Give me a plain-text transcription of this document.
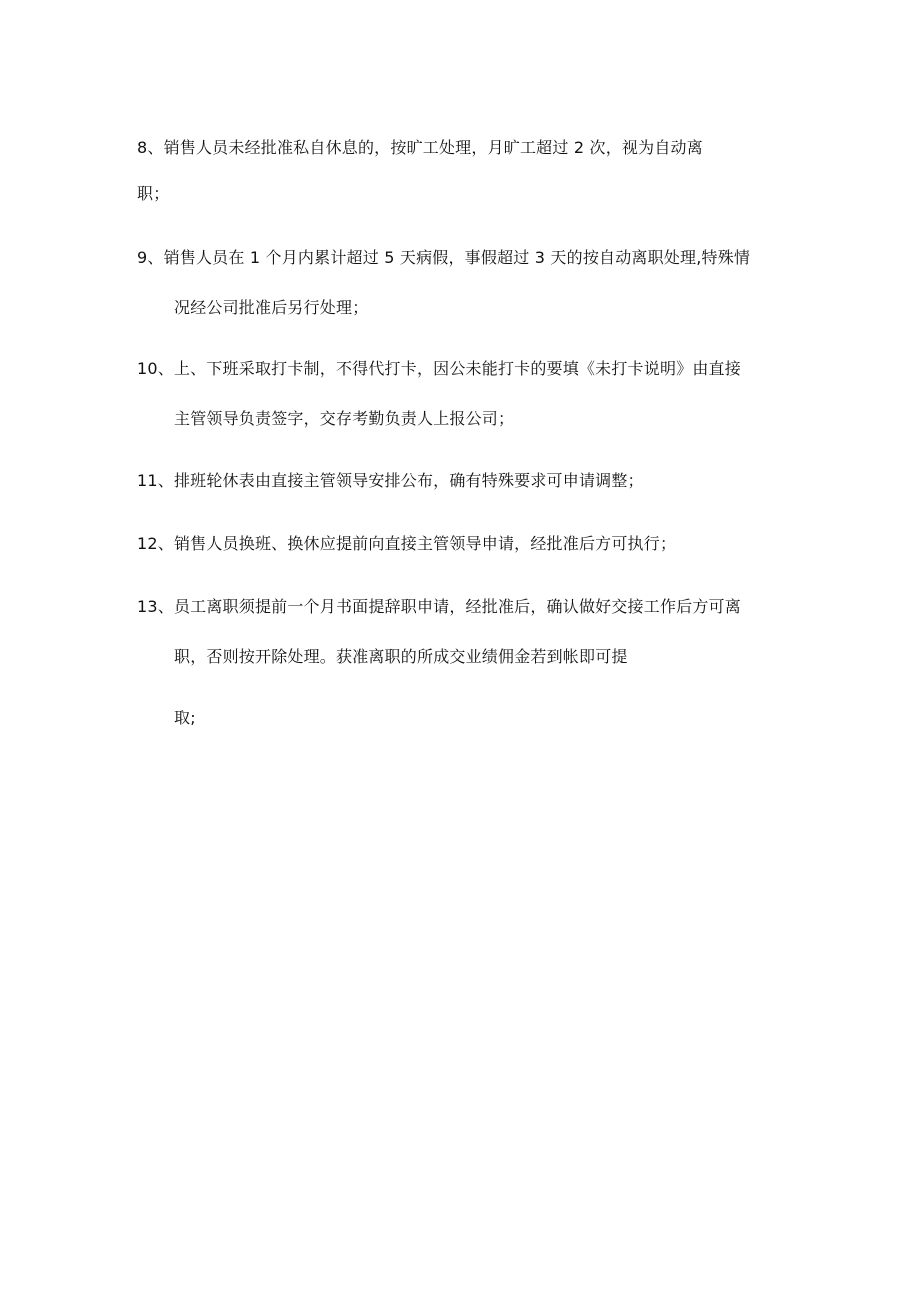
8、销售人员未经批准私自休息的，按旷工处理，月旷工超过 2 次，视为自动离
职；
9、销售人员在 1 个月内累计超过 5 天病假，事假超过 3 天的按自动离职处理,特殊情
况经公司批准后另行处理；
10、上、下班采取打卡制，不得代打卡，因公未能打卡的要填《未打卡说明》由直接
主管领导负责签字，交存考勤负责人上报公司；
11、排班轮休表由直接主管领导安排公布，确有特殊要求可申请调整；
12、销售人员换班、换休应提前向直接主管领导申请，经批准后方可执行；
13、员工离职须提前一个月书面提辞职申请，经批准后，确认做好交接工作后方可离
职，否则按开除处理。获准离职的所成交业绩佣金若到帐即可提
取;
